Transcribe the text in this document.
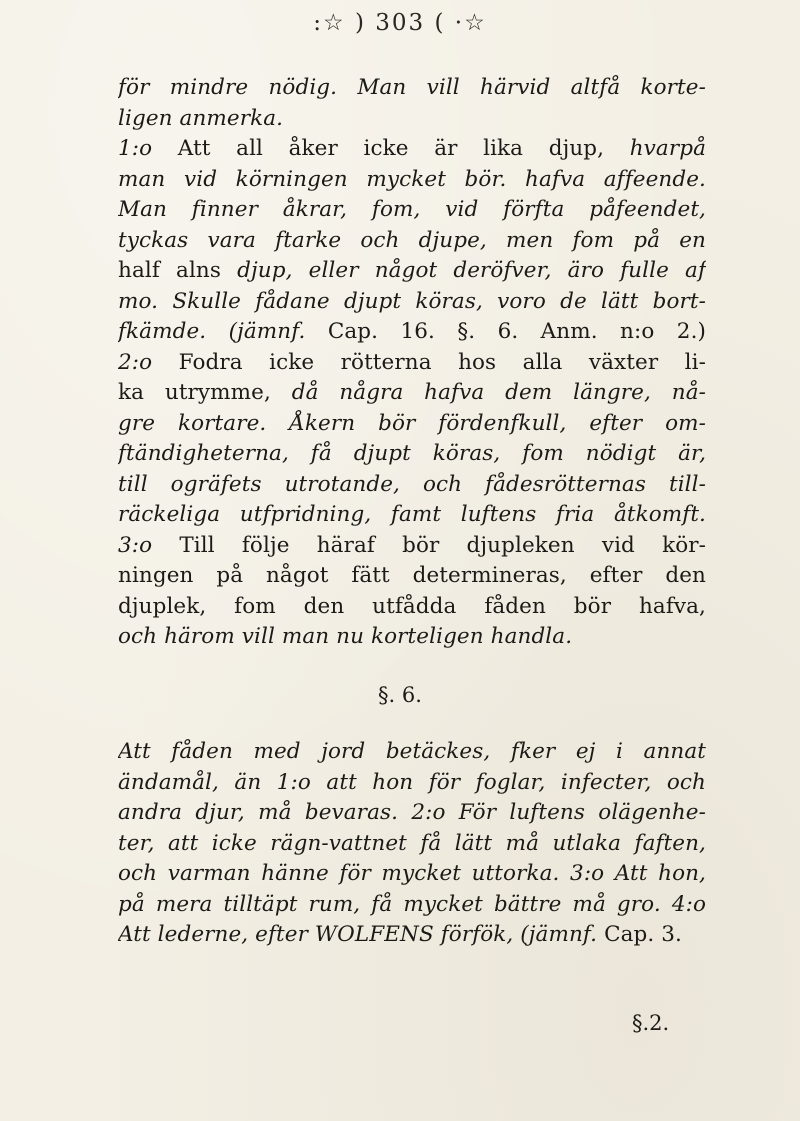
:☆ ) 303 ( ·☆
för mindre nödig. Man vill härvid altfå korte-
ligen anmerka.
1:o Att all åker icke är lika djup, hvarpå
man vid körningen mycket bör. hafva affeende.
Man finner åkrar, fom, vid förfta påfeendet,
tyckas vara ftarke och djupe, men fom på en
half alns djup, eller något deröfver, äro fulle af
mo. Skulle fådane djupt köras, voro de lätt bort-
fkämde. (jämnf. Cap. 16. §. 6. Anm. n:o 2.)
2:o Fodra icke rötterna hos alla växter li-
ka utrymme, då några hafva dem längre, nå-
gre kortare. Åkern bör fördenfkull, efter om-
ftändigheterna, få djupt köras, fom nödigt är,
till ogräfets utrotande, och fådesrötternas till-
räckeliga utfpridning, famt luftens fria åtkomft.
3:o Till följe häraf bör djupleken vid kör-
ningen på något fätt determineras, efter den
djuplek, fom den utfådda fåden bör hafva,
och härom vill man nu korteligen handla.
§. 6.
Att fåden med jord betäckes, fker ej i annat
ändamål, än 1:o att hon för foglar, infecter, och
andra djur, må bevaras. 2:o För luftens olägenhe-
ter, att icke rägn-vattnet få lätt må utlaka faften,
och varman hänne för mycket uttorka. 3:o Att hon,
på mera tilltäpt rum, få mycket bättre må gro. 4:o
Att lederne, efter WOLFENS förfök, (jämnf. Cap. 3.
§.2.
